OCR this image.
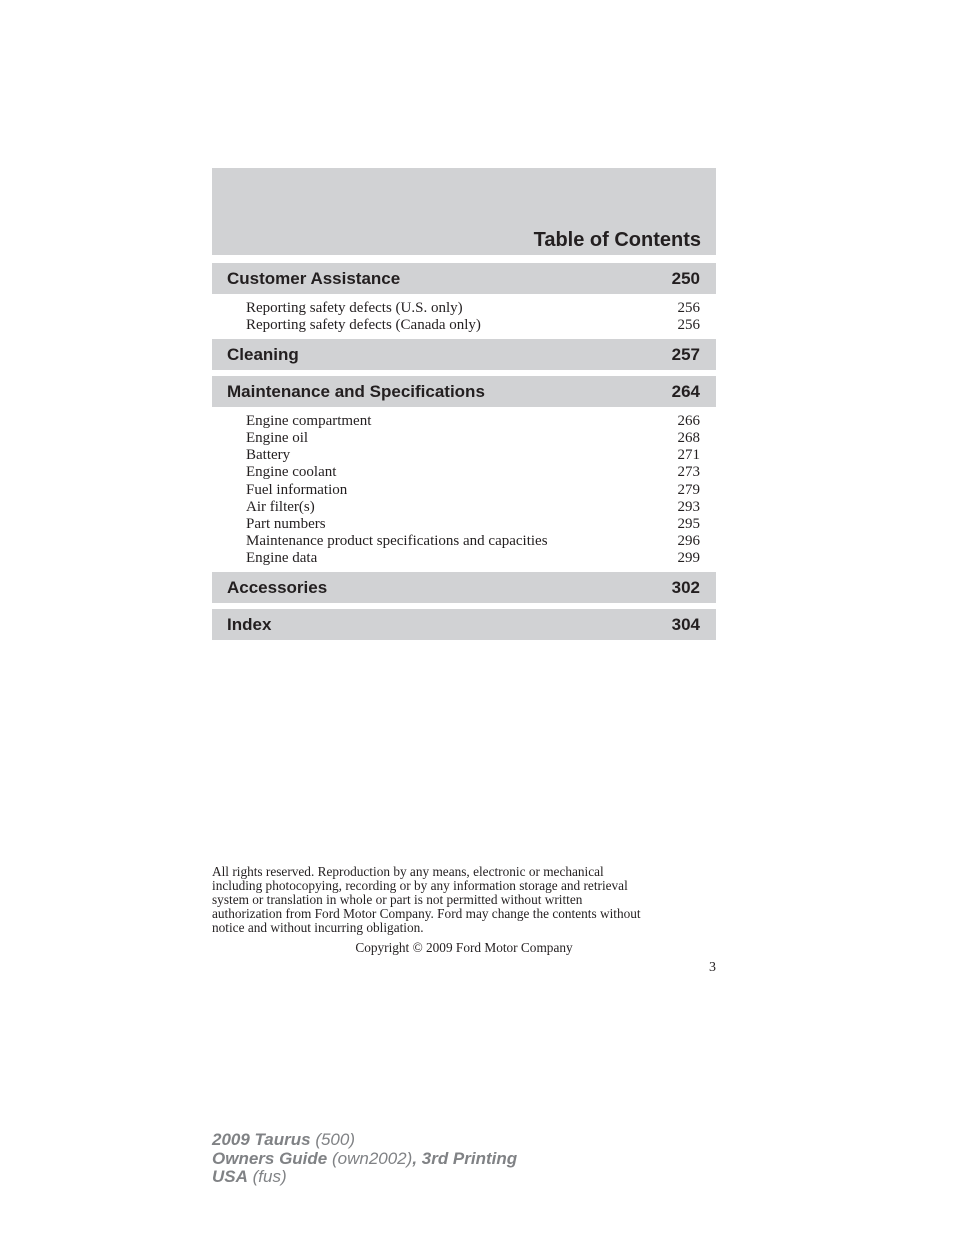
Table of Contents
Customer Assistance	250
Reporting safety defects (U.S. only)	256
Reporting safety defects (Canada only)	256
Cleaning	257
Maintenance and Specifications	264
Engine compartment	266
Engine oil	268
Battery	271
Engine coolant	273
Fuel information	279
Air filter(s)	293
Part numbers	295
Maintenance product specifications and capacities	296
Engine data	299
Accessories	302
Index	304
All rights reserved. Reproduction by any means, electronic or mechanical
including photocopying, recording or by any information storage and retrieval
system or translation in whole or part is not permitted without written
authorization from Ford Motor Company. Ford may change the contents without
notice and without incurring obligation.
Copyright © 2009 Ford Motor Company
3
2009 Taurus (500)
Owners Guide (own2002), 3rd Printing
USA (fus)
